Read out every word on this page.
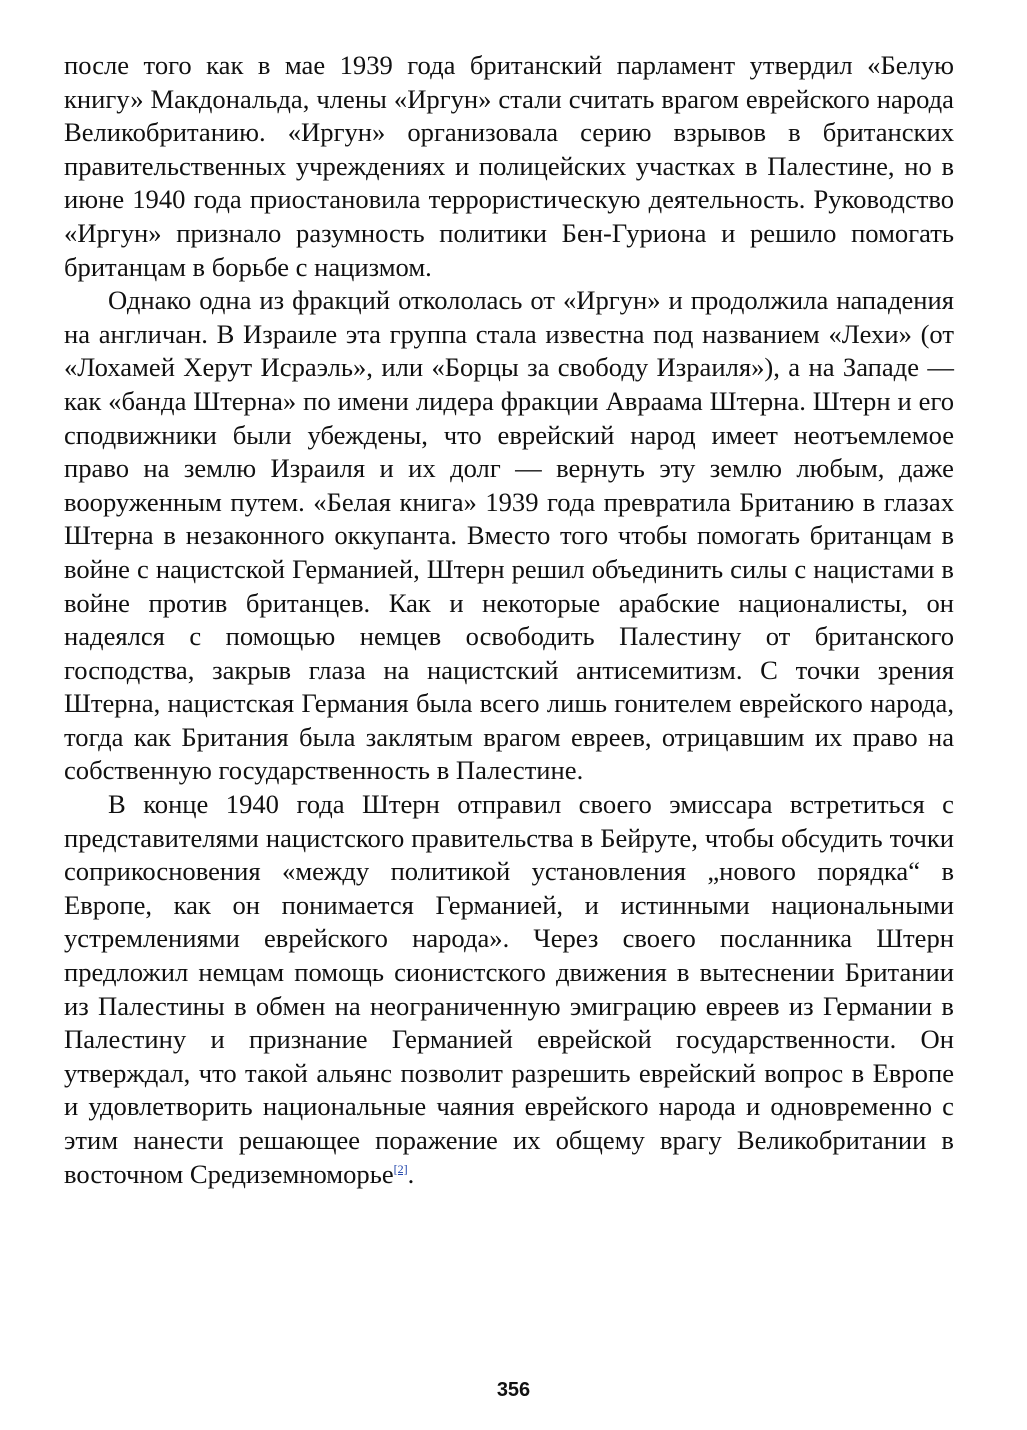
после того как в мае 1939 года британский парламент утвердил «Белую книгу» Макдональда, члены «Иргун» стали считать врагом еврейского народа Великобританию. «Иргун» организовала серию взрывов в британских правительственных учреждениях и полицейских участках в Палестине, но в июне 1940 года приостановила террористическую деятельность. Руководство «Иргун» признало разумность политики Бен-Гуриона и решило помогать британцам в борьбе с нацизмом.

Однако одна из фракций откололась от «Иргун» и продолжила нападения на англичан. В Израиле эта группа стала известна под названием «Лехи» (от «Лохамей Херут Исраэль», или «Борцы за свободу Израиля»), а на Западе — как «банда Штерна» по имени лидера фракции Авраама Штерна. Штерн и его сподвижники были убеждены, что еврейский народ имеет неотъемлемое право на землю Израиля и их долг — вернуть эту землю любым, даже вооруженным путем. «Белая книга» 1939 года превратила Британию в глазах Штерна в незаконного оккупанта. Вместо того чтобы помогать британцам в войне с нацистской Германией, Штерн решил объединить силы с нацистами в войне против британцев. Как и некоторые арабские националисты, он надеялся с помощью немцев освободить Палестину от британского господства, закрыв глаза на нацистский антисемитизм. С точки зрения Штерна, нацистская Германия была всего лишь гонителем еврейского народа, тогда как Британия была заклятым врагом евреев, отрицавшим их право на собственную государственность в Палестине.

В конце 1940 года Штерн отправил своего эмиссара встретиться с представителями нацистского правительства в Бейруте, чтобы обсудить точки соприкосновения «между политикой установления „нового порядка“ в Европе, как он понимается Германией, и истинными национальными устремлениями еврейского народа». Через своего посланника Штерн предложил немцам помощь сионистского движения в вытеснении Британии из Палестины в обмен на неограниченную эмиграцию евреев из Германии в Палестину и признание Германией еврейской государственности. Он утверждал, что такой альянс позволит разрешить еврейский вопрос в Европе и удовлетворить национальные чаяния еврейского народа и одновременно с этим нанести решающее поражение их общему врагу Великобритании в восточном Средиземноморье[2].

356
